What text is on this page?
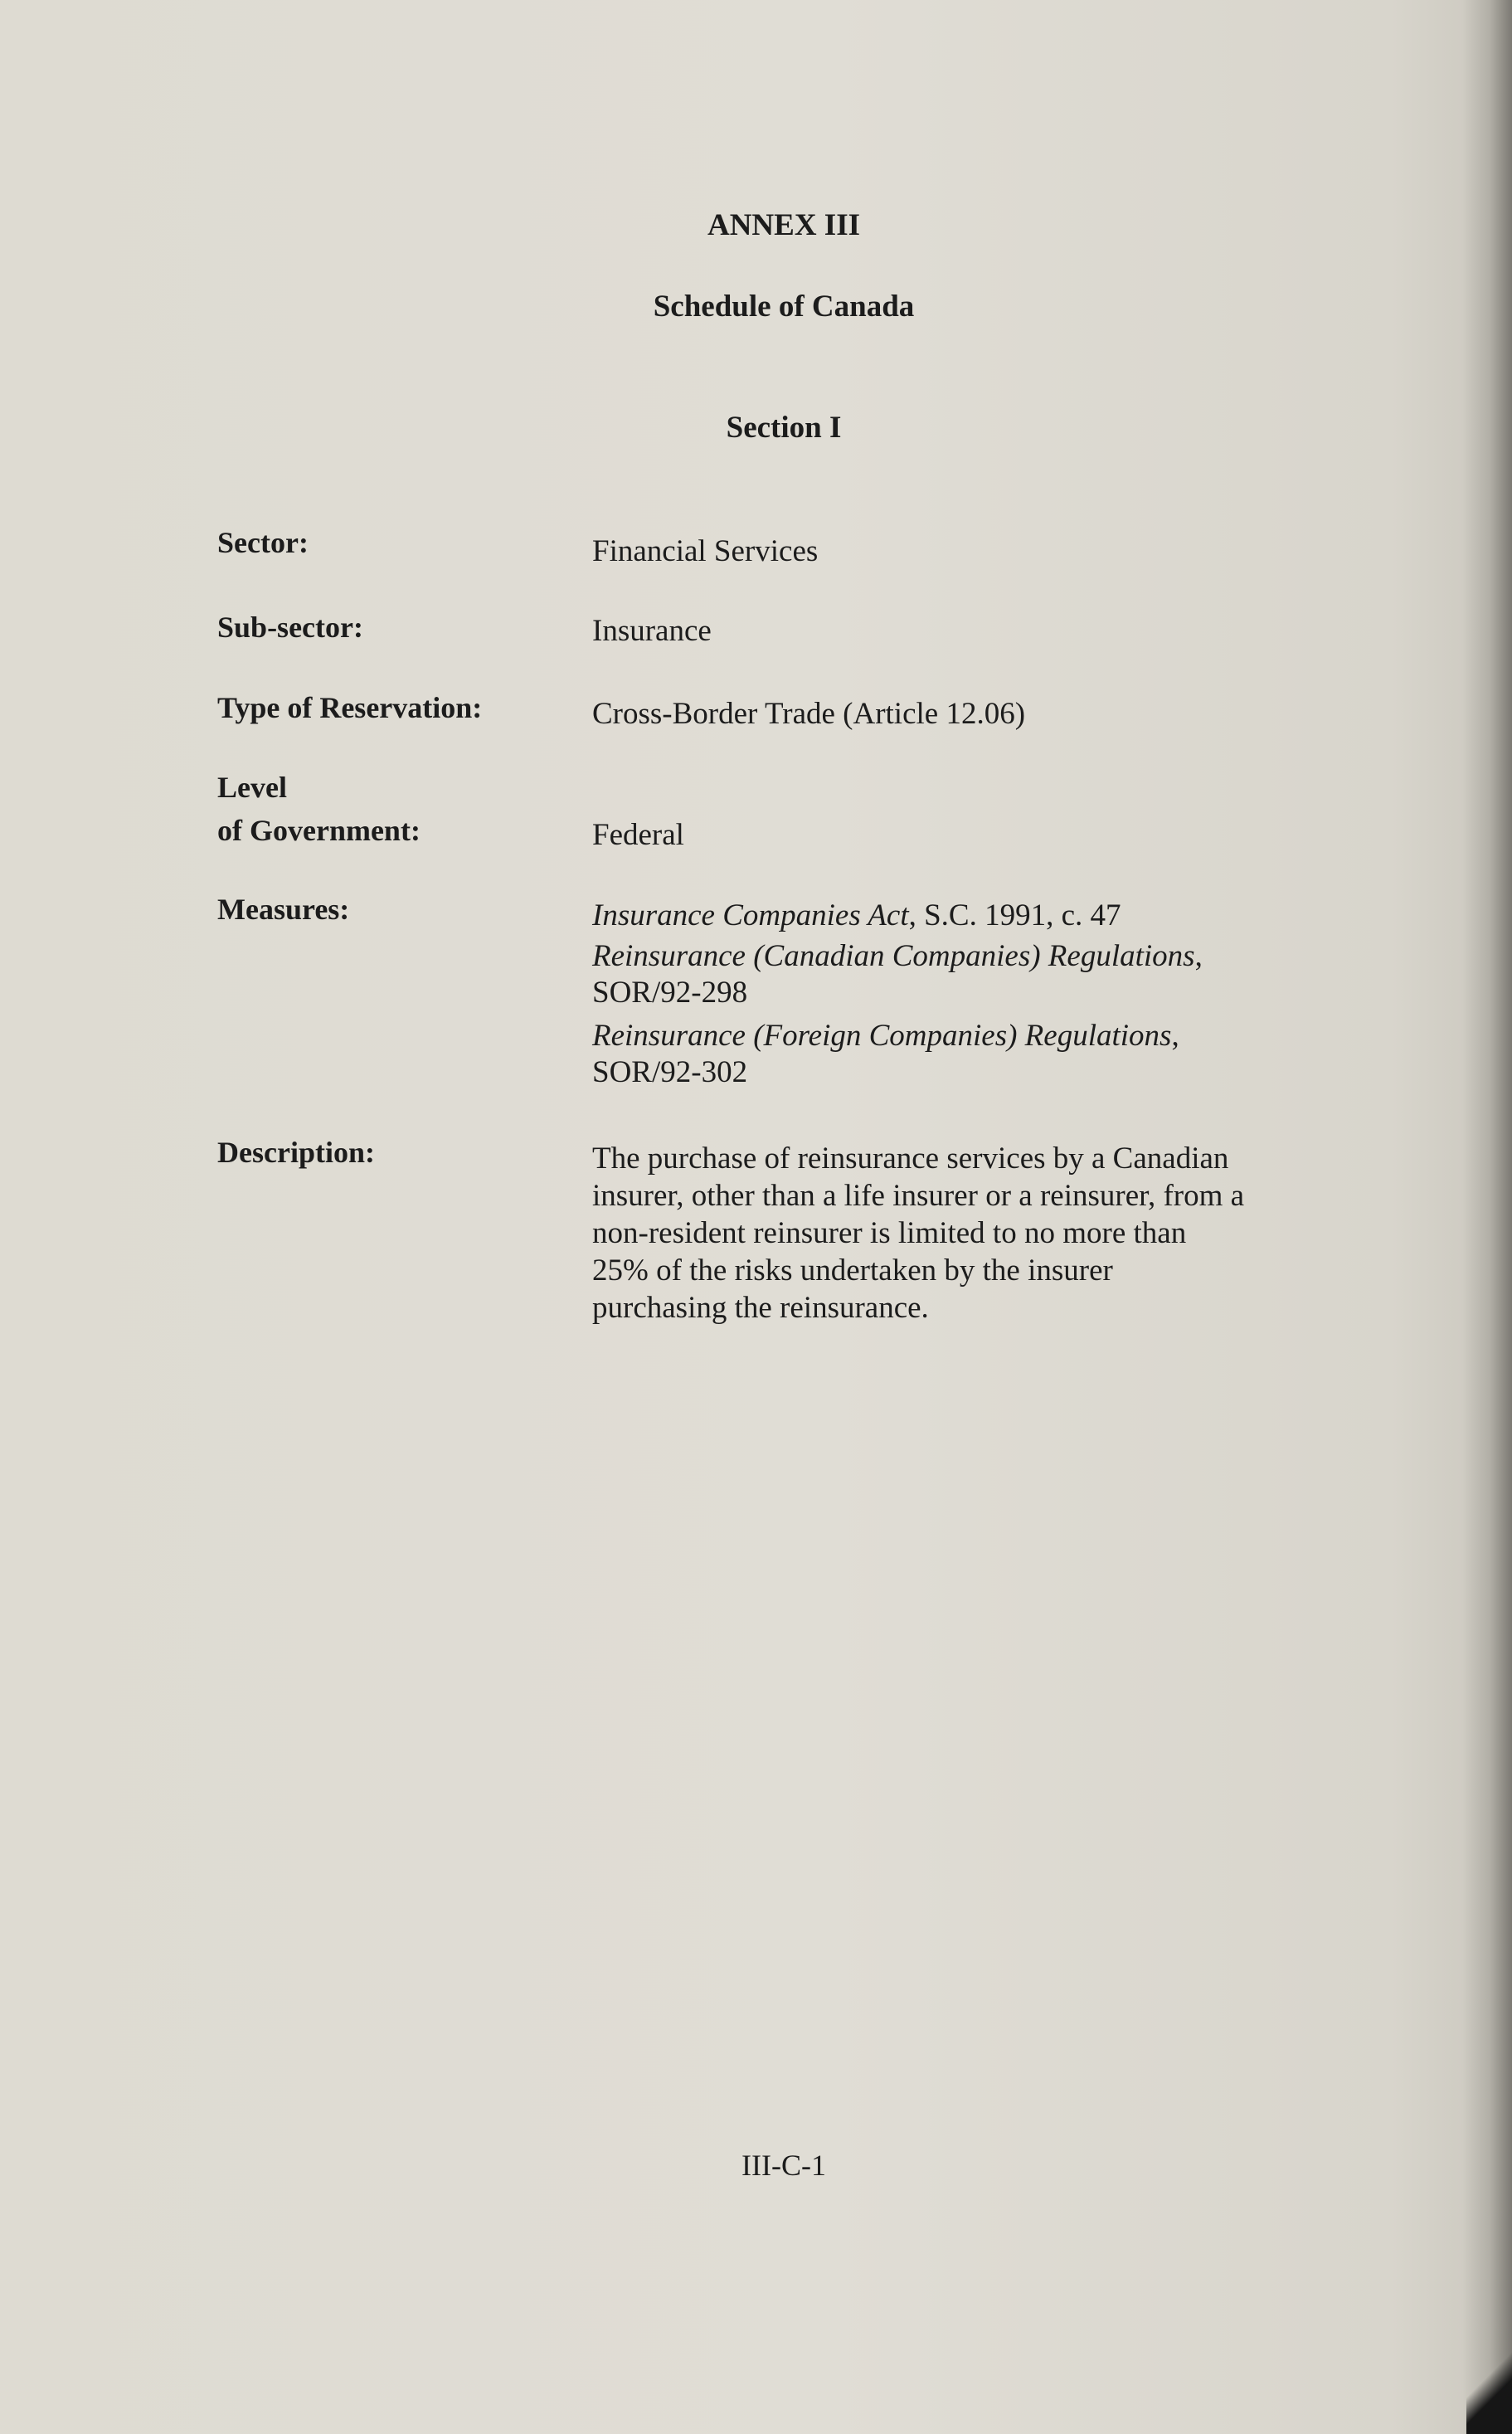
ANNEX III
Schedule of Canada
Section I
Sector:	Financial Services
Sub-sector:	Insurance
Type of Reservation:	Cross-Border Trade (Article 12.06)
Level
of Government:	Federal
Measures:	Insurance Companies Act, S.C. 1991, c. 47
Reinsurance (Canadian Companies) Regulations,
SOR/92-298
Reinsurance (Foreign Companies) Regulations,
SOR/92-302
Description:	The purchase of reinsurance services by a Canadian
insurer, other than a life insurer or a reinsurer, from a
non-resident reinsurer is limited to no more than
25% of the risks undertaken by the insurer
purchasing the reinsurance.
III-C-1
